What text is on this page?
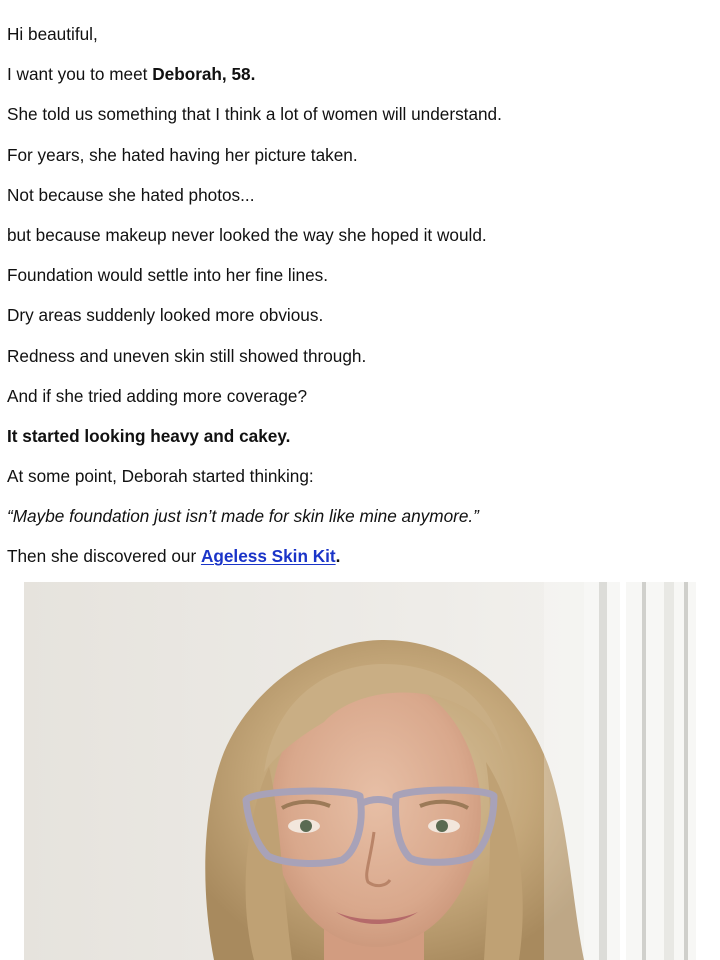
Hi beautiful,

I want you to meet Deborah, 58.

She told us something that I think a lot of women will understand.

For years, she hated having her picture taken.

Not because she hated photos...

but because makeup never looked the way she hoped it would.

Foundation would settle into her fine lines.

Dry areas suddenly looked more obvious.

Redness and uneven skin still showed through.

And if she tried adding more coverage?

It started looking heavy and cakey.

At some point, Deborah started thinking:

“Maybe foundation just isn’t made for skin like mine anymore.”

Then she discovered our Ageless Skin Kit.
